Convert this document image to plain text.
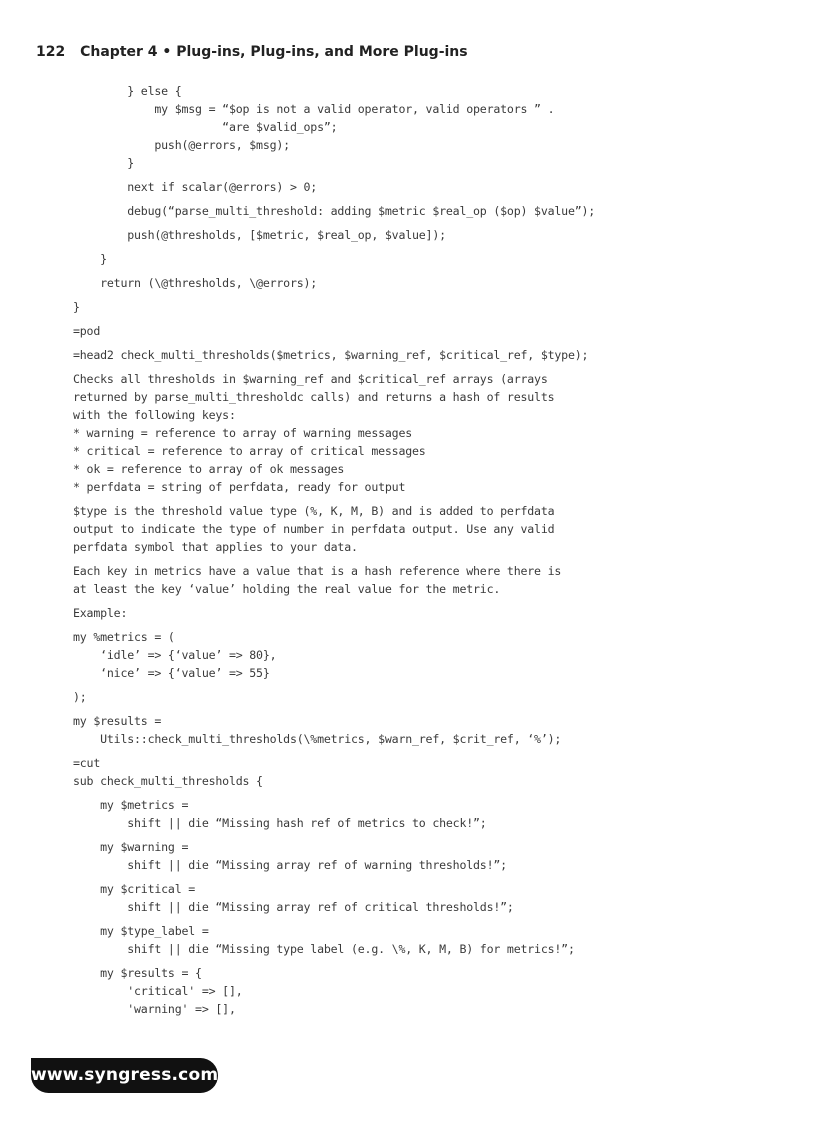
122 Chapter 4 • Plug-ins, Plug-ins, and More Plug-ins
} else {
my $msg = “$op is not a valid operator, valid operators ” .
“are $valid_ops”;
push(@errors, $msg);
}
next if scalar(@errors) > 0;
debug(“parse_multi_threshold: adding $metric $real_op ($op) $value”);
push(@thresholds, [$metric, $real_op, $value]);
}
return (\@thresholds, \@errors);
}
=pod
=head2 check_multi_thresholds($metrics, $warning_ref, $critical_ref, $type);
Checks all thresholds in $warning_ref and $critical_ref arrays (arrays
returned by parse_multi_thresholdc calls) and returns a hash of results
with the following keys:
* warning = reference to array of warning messages
* critical = reference to array of critical messages
* ok = reference to array of ok messages
* perfdata = string of perfdata, ready for output
$type is the threshold value type (%, K, M, B) and is added to perfdata
output to indicate the type of number in perfdata output. Use any valid
perfdata symbol that applies to your data.
Each key in metrics have a value that is a hash reference where there is
at least the key ‘value’ holding the real value for the metric.
Example:
my %metrics = (
‘idle’ => {‘value’ => 80},
‘nice’ => {‘value’ => 55}
);
my $results =
Utils::check_multi_thresholds(\%metrics, $warn_ref, $crit_ref, ‘%’);
=cut
sub check_multi_thresholds {
my $metrics =
shift || die “Missing hash ref of metrics to check!”;
my $warning =
shift || die “Missing array ref of warning thresholds!”;
my $critical =
shift || die “Missing array ref of critical thresholds!”;
my $type_label =
shift || die “Missing type label (e.g. \%, K, M, B) for metrics!”;
my $results = {
'critical' => [],
'warning' => [],
www.syngress.com
